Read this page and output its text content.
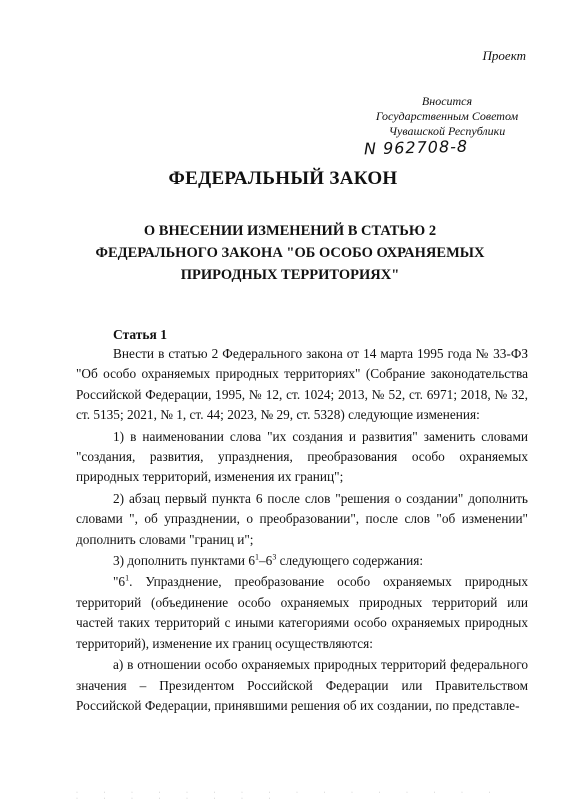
Проект
Вносится
Государственным Советом
Чувашской Республики
N 962708-8
ФЕДЕРАЛЬНЫЙ ЗАКОН
О ВНЕСЕНИИ ИЗМЕНЕНИЙ В СТАТЬЮ 2
ФЕДЕРАЛЬНОГО ЗАКОНА "ОБ ОСОБО ОХРАНЯЕМЫХ
ПРИРОДНЫХ ТЕРРИТОРИЯХ"
Статья 1

Внести в статью 2 Федерального закона от 14 марта 1995 года № 33-ФЗ "Об особо охраняемых природных территориях" (Собрание законодательства Российской Федерации, 1995, № 12, ст. 1024; 2013, № 52, ст. 6971; 2018, № 32, ст. 5135; 2021, № 1, ст. 44; 2023, № 29, ст. 5328) следующие изменения:

1) в наименовании слова "их создания и развития" заменить словами "создания, развития, упразднения, преобразования особо охраняемых природных территорий, изменения их границ";

2) абзац первый пункта 6 после слов "решения о создании" дополнить словами ", об упразднении, о преобразовании", после слов "об изменении" дополнить словами "границ и";

3) дополнить пунктами $6^1-6^3$ следующего содержания:

"$6^1$. Упразднение, преобразование особо охраняемых природных территорий (объединение особо охраняемых природных территорий или частей таких территорий с иными категориями особо охраняемых природных территорий), изменение их границ осуществляются:

а) в отношении особо охраняемых природных территорий федерального значения – Президентом Российской Федерации или Правительством Российской Федерации, принявшими решения об их создании, по представле-

· · · · · · · · · · · · · · · · · · · · · · · ·
